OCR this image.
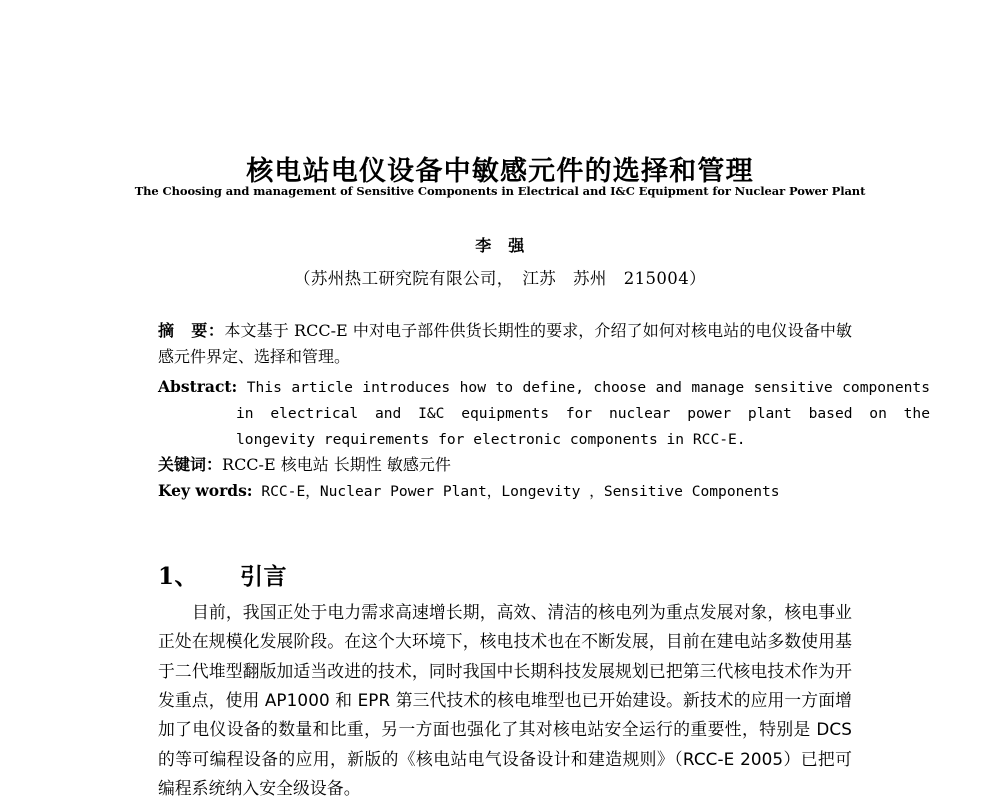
核电站电仪设备中敏感元件的选择和管理
The Choosing and management of Sensitive Components in Electrical and I&C Equipment for Nuclear Power Plant
李　强
（苏州热工研究院有限公司，　江苏　苏州　215004）
摘　要：本文基于 RCC-E 中对电子部件供货长期性的要求，介绍了如何对核电站的电仪设备中敏感元件界定、选择和管理。
Abstract: This article introduces how to define, choose and manage sensitive components in electrical and I&C equipments for nuclear power plant based on the longevity requirements for electronic components in RCC-E.
关键词：RCC-E 核电站 长期性 敏感元件
Key words: RCC-E，Nuclear Power Plant，Longevity ，Sensitive Components
1、 引言

目前，我国正处于电力需求高速增长期，高效、清洁的核电列为重点发展对象，核电事业正处在规模化发展阶段。在这个大环境下，核电技术也在不断发展，目前在建电站多数使用基于二代堆型翻版加适当改进的技术，同时我国中长期科技发展规划已把第三代核电技术作为开发重点，使用 AP1000 和 EPR 第三代技术的核电堆型也已开始建设。新技术的应用一方面增加了电仪设备的数量和比重，另一方面也强化了其对核电站安全运行的重要性，特别是 DCS 的等可编程设备的应用，新版的《核电站电气设备设计和建造规则》（RCC-E 2005）已把可编程系统纳入安全级设备。
